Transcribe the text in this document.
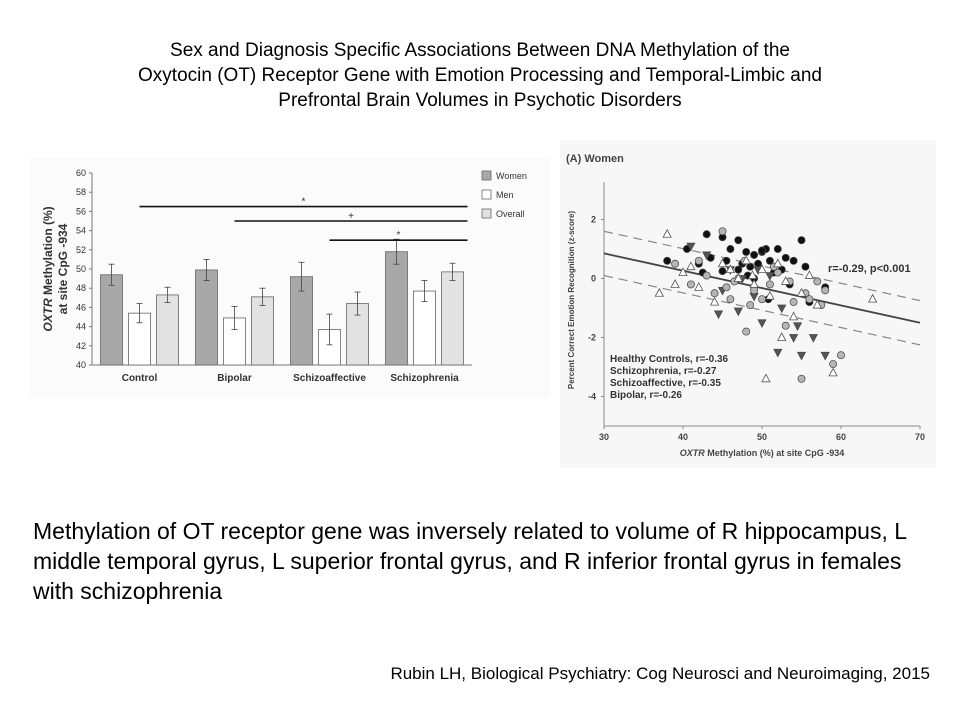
Sex and Diagnosis Specific Associations Between DNA Methylation of the
Oxytocin (OT) Receptor Gene with Emotion Processing and Temporal-Limbic and
Prefrontal Brain Volumes in Psychotic Disorders
40
42
44
46
48
50
52
54
56
58
60
Control	Bipolar	Schizoaffective Schizophrenia
OXTR Methylation (%) at site CpG -934
*
+
*
Women
Men
Overall
(A) Women
30	40	50	60	70
-4
-2
0
2
OXTR Methylation (%) at site CpG -934
Percent Correct Emotion Recognition (z-score)	r=-0.29, p<0.001
Healthy Controls, r=-0.36
Schizophrenia, r=-0.27
Schizoaffective, r=-0.35
Bipolar, r=-0.26
Methylation of OT receptor gene was inversely related to volume of R hippocampus, L middle temporal gyrus, L superior frontal gyrus, and R inferior frontal gyrus in females with schizophrenia
Rubin LH, Biological Psychiatry: Cog Neurosci and Neuroimaging, 2015
